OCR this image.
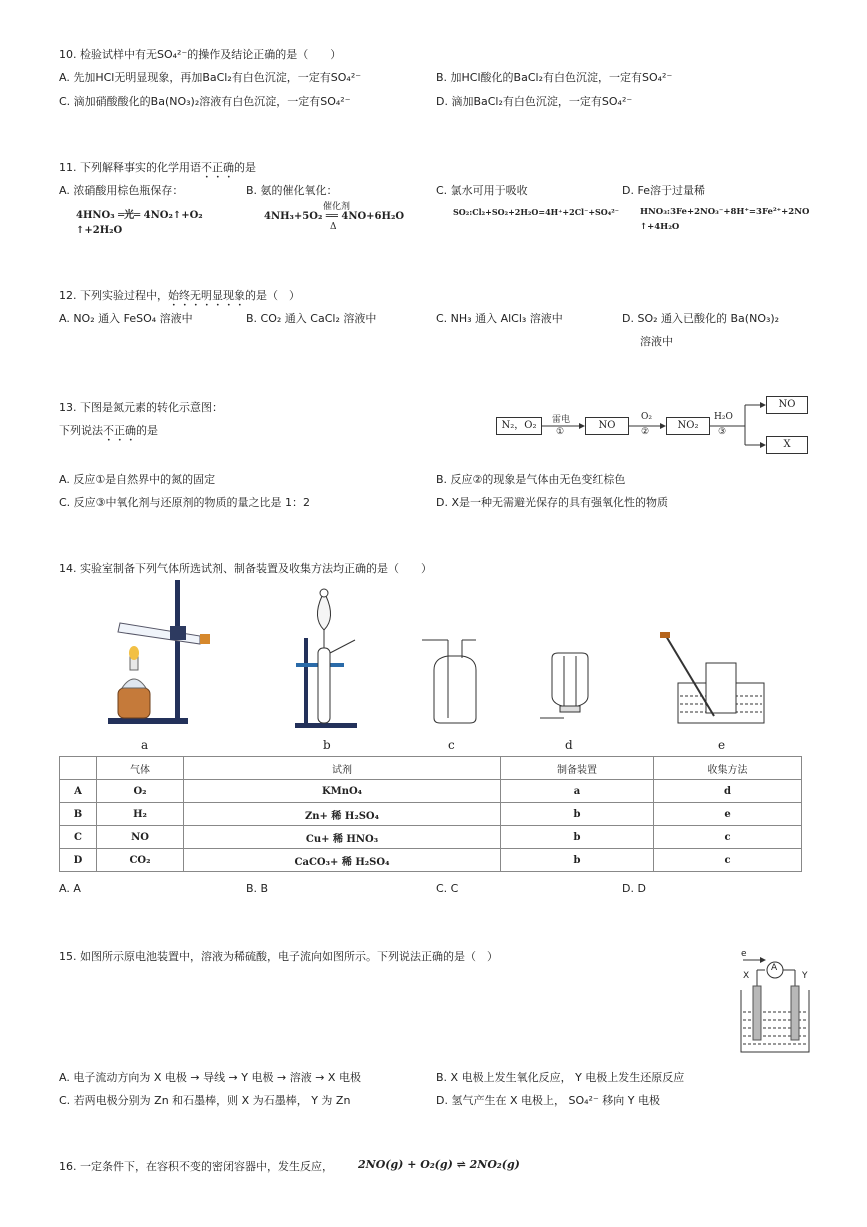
10. 检验试样中有无SO₄²⁻的操作及结论正确的是（　　）
A. 先加HCl无明显现象，再加BaCl₂有白色沉淀，一定有SO₄²⁻	B. 加HCl酸化的BaCl₂有白色沉淀，一定有SO₄²⁻
C. 滴加硝酸酸化的Ba(NO₃)₂溶液有白色沉淀，一定有SO₄²⁻	D. 滴加BaCl₂有白色沉淀，一定有SO₄²⁻
11. 下列解释事实的化学用语不正确的是
A. 浓硝酸用棕色瓶保存：
4HNO₃ ═光═ 4NO₂↑+O₂
↑+2H₂O
B. 氨的催化氧化：
催化剂
4NH₃+5O₂ ══ 4NO+6H₂O
Δ
C. 氯水可用于吸收
SO₂:Cl₂+SO₂+2H₂O=4H⁺+2Cl⁻+SO₄²⁻
D. Fe溶于过量稀
HNO₃:3Fe+2NO₃⁻+8H⁺=3Fe²⁺+2NO
↑+4H₂O
12. 下列实验过程中，始终无明显现象的是（　）
A. NO₂ 通入 FeSO₄ 溶液中	B. CO₂ 通入 CaCl₂ 溶液中	C. NH₃ 通入 AlCl₃ 溶液中	D. SO₂ 通入已酸化的 Ba(NO₃)₂
溶液中
13. 下图是氮元素的转化示意图：
下列说法不正确的是	N₂，O₂	雷电
①
NO
O₂
②
NO₂
H₂O
③
NO
X
A. 反应①是自然界中的氮的固定	B. 反应②的现象是气体由无色变红棕色
C. 反应③中氧化剂与还原剂的物质的量之比是 1：2	D. X是一种无需避光保存的具有强氧化性的物质
14. 实验室制备下列气体所选试剂、制备装置及收集方法均正确的是（　　）
a	b	c	d	e
	气体	试剂	制备装置	收集方法
A	O₂	KMnO₄	a	d
B	H₂	Zn+ 稀 H₂SO₄	b	e
C	NO	Cu+ 稀 HNO₃	b	c
D	CO₂	CaCO₃+ 稀 H₂SO₄	b	c
A. A	B. B	C. C	D. D
15. 如图所示原电池装置中，溶液为稀硫酸，电子流向如图所示。下列说法正确的是（　）	e
A
X	Y
A. 电子流动方向为 X 电极 → 导线 → Y 电极 → 溶液 → X 电极	B. X 电极上发生氧化反应， Y 电极上发生还原反应
C. 若两电极分别为 Zn 和石墨棒，则 X 为石墨棒， Y 为 Zn	D. 氢气产生在 X 电极上， SO₄²⁻ 移向 Y 电极
16. 一定条件下，在容积不变的密闭容器中，发生反应， 2NO(g) + O₂(g) ⇌ 2NO₂(g)
